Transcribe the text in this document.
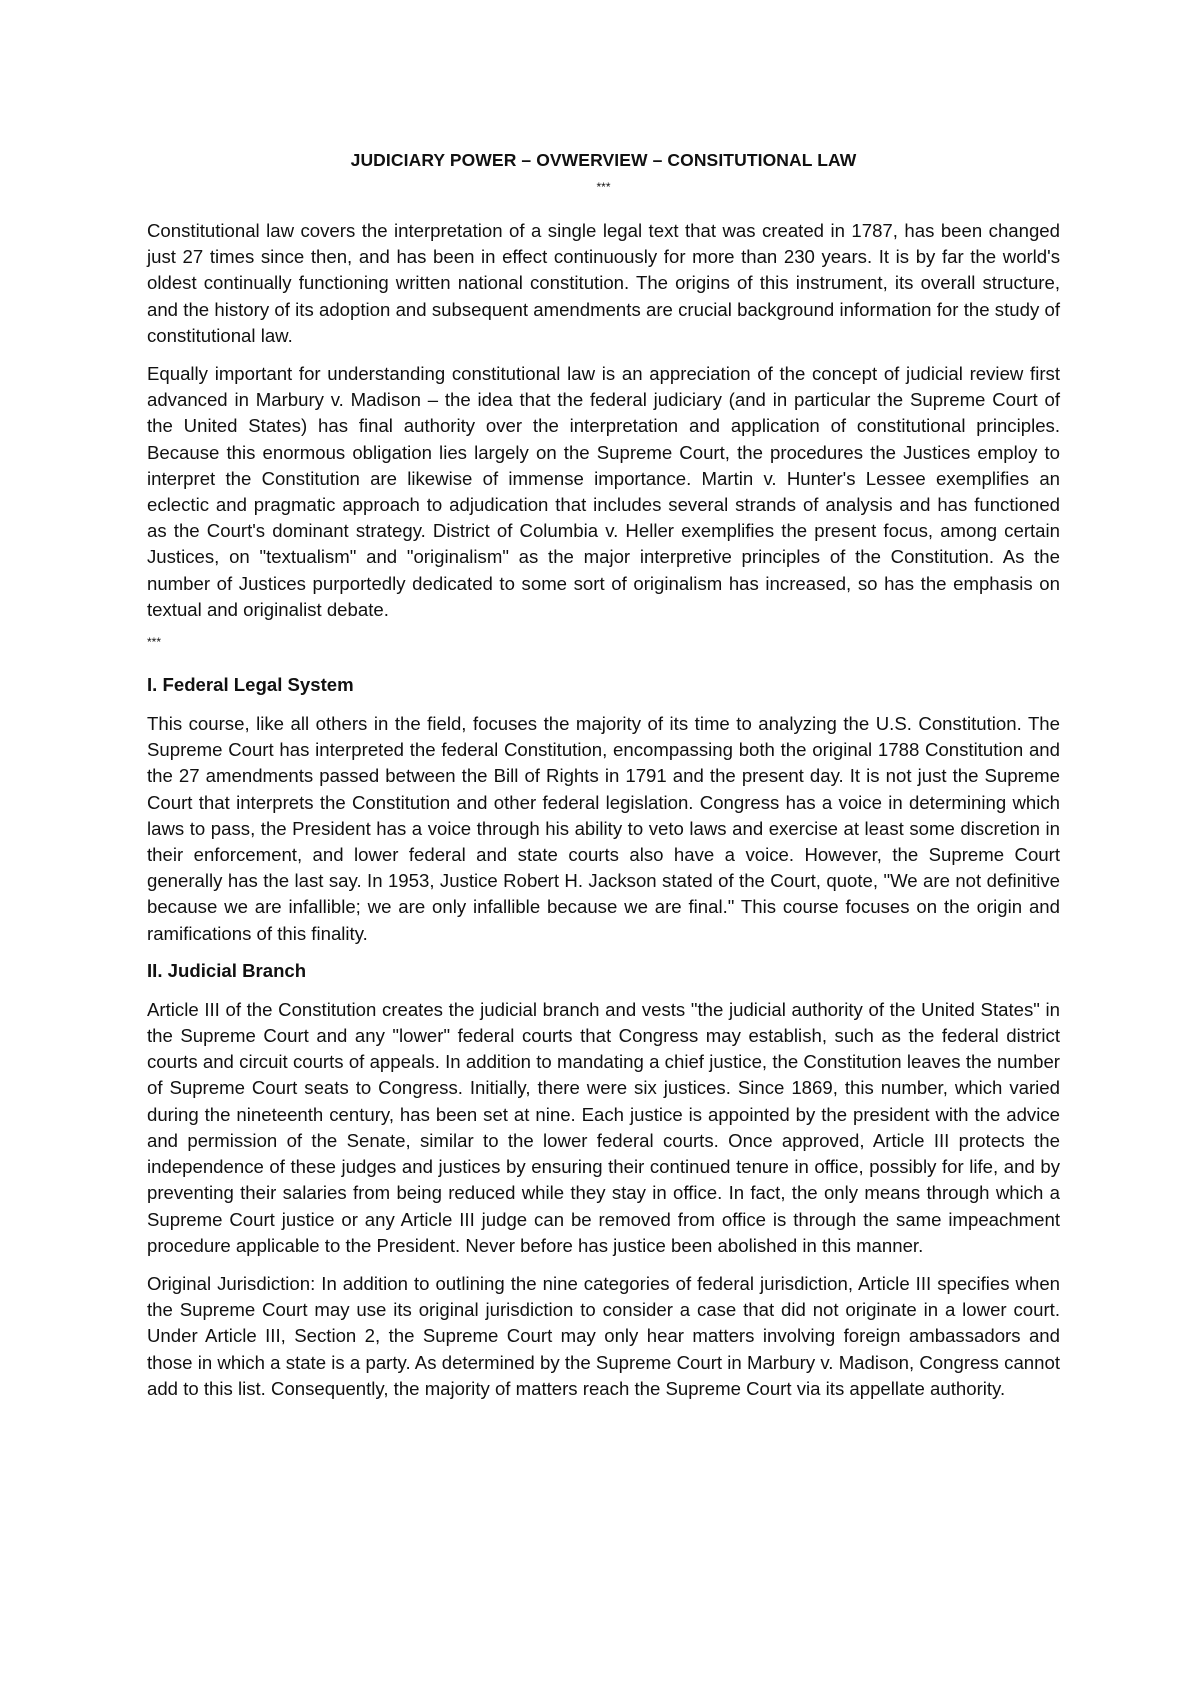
JUDICIARY POWER – OVWERVIEW – CONSITUTIONAL LAW
***

Constitutional law covers the interpretation of a single legal text that was created in 1787, has been changed just 27 times since then, and has been in effect continuously for more than 230 years. It is by far the world's oldest continually functioning written national constitution. The origins of this instrument, its overall structure, and the history of its adoption and subsequent amendments are crucial background information for the study of constitutional law.

Equally important for understanding constitutional law is an appreciation of the concept of judicial review first advanced in Marbury v. Madison – the idea that the federal judiciary (and in particular the Supreme Court of the United States) has final authority over the interpretation and application of constitutional principles. Because this enormous obligation lies largely on the Supreme Court, the procedures the Justices employ to interpret the Constitution are likewise of immense importance. Martin v. Hunter's Lessee exemplifies an eclectic and pragmatic approach to adjudication that includes several strands of analysis and has functioned as the Court's dominant strategy. District of Columbia v. Heller exemplifies the present focus, among certain Justices, on "textualism" and "originalism" as the major interpretive principles of the Constitution. As the number of Justices purportedly dedicated to some sort of originalism has increased, so has the emphasis on textual and originalist debate.

***
I. Federal Legal System

This course, like all others in the field, focuses the majority of its time to analyzing the U.S. Constitution. The Supreme Court has interpreted the federal Constitution, encompassing both the original 1788 Constitution and the 27 amendments passed between the Bill of Rights in 1791 and the present day. It is not just the Supreme Court that interprets the Constitution and other federal legislation. Congress has a voice in determining which laws to pass, the President has a voice through his ability to veto laws and exercise at least some discretion in their enforcement, and lower federal and state courts also have a voice. However, the Supreme Court generally has the last say. In 1953, Justice Robert H. Jackson stated of the Court, quote, "We are not definitive because we are infallible; we are only infallible because we are final." This course focuses on the origin and ramifications of this finality.

II. Judicial Branch

Article III of the Constitution creates the judicial branch and vests "the judicial authority of the United States" in the Supreme Court and any "lower" federal courts that Congress may establish, such as the federal district courts and circuit courts of appeals. In addition to mandating a chief justice, the Constitution leaves the number of Supreme Court seats to Congress. Initially, there were six justices. Since 1869, this number, which varied during the nineteenth century, has been set at nine. Each justice is appointed by the president with the advice and permission of the Senate, similar to the lower federal courts. Once approved, Article III protects the independence of these judges and justices by ensuring their continued tenure in office, possibly for life, and by preventing their salaries from being reduced while they stay in office. In fact, the only means through which a Supreme Court justice or any Article III judge can be removed from office is through the same impeachment procedure applicable to the President. Never before has justice been abolished in this manner.

Original Jurisdiction: In addition to outlining the nine categories of federal jurisdiction, Article III specifies when the Supreme Court may use its original jurisdiction to consider a case that did not originate in a lower court. Under Article III, Section 2, the Supreme Court may only hear matters involving foreign ambassadors and those in which a state is a party. As determined by the Supreme Court in Marbury v. Madison, Congress cannot add to this list. Consequently, the majority of matters reach the Supreme Court via its appellate authority.
